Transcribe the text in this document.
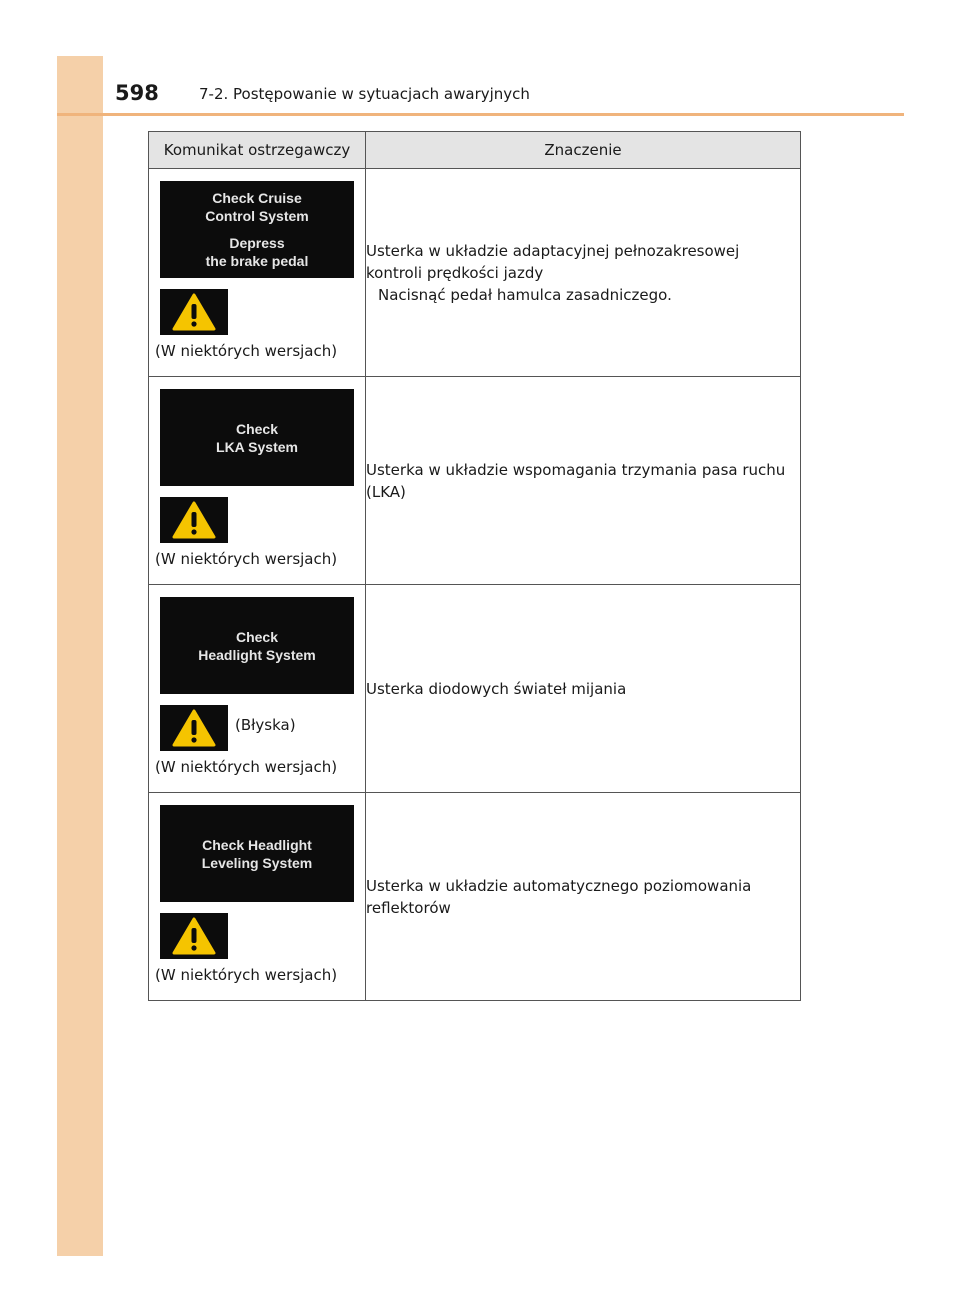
598	7-2. Postępowanie w sytuacjach awaryjnych
Komunikat ostrzegawczy	Znaczenie

Check Cruise
Control System
Depress
the brake pedal
(W niektórych wersjach)	Usterka w układzie adaptacyjnej pełnozakresowej kontroli prędkości jazdy
Nacisnąć pedał hamulca zasadniczego.

Check
LKA System
(W niektórych wersjach)	Usterka w układzie wspomagania trzymania pasa ruchu (LKA)

Check
Headlight System
(Błyska)
(W niektórych wersjach)	Usterka diodowych świateł mijania

Check Headlight
Leveling System
(W niektórych wersjach)	Usterka w układzie automatycznego poziomowania reflektorów
